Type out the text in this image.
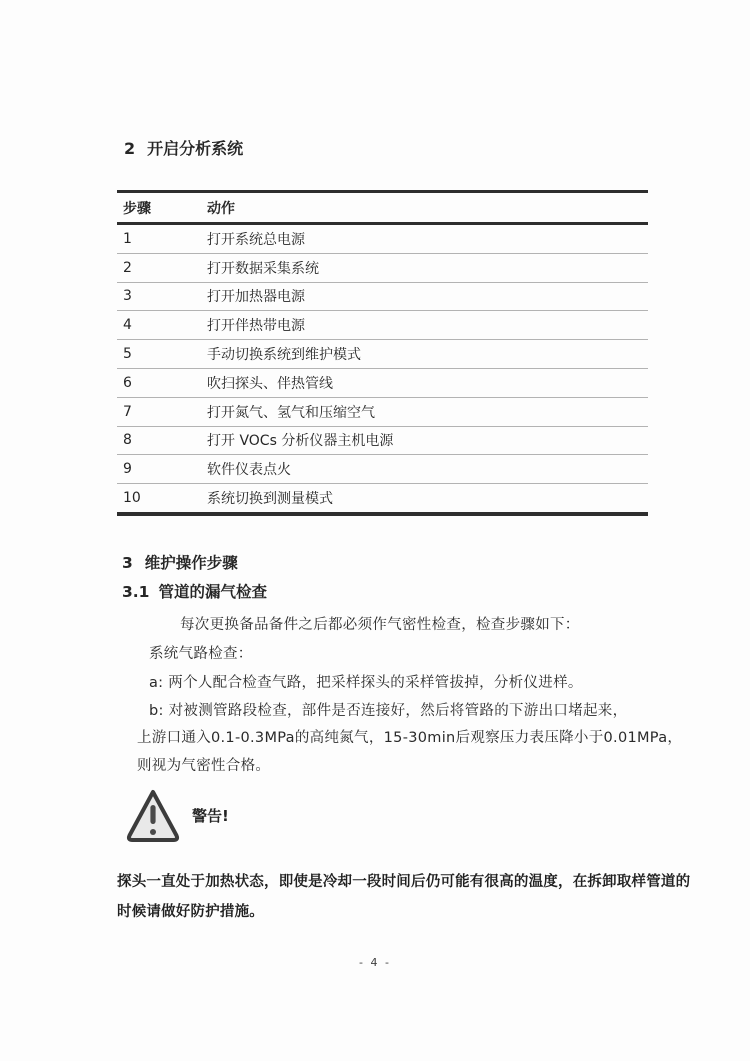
2 开启分析系统
步骤	动作
1	打开系统总电源
2	打开数据采集系统
3	打开加热器电源
4	打开伴热带电源
5	手动切换系统到维护模式
6	吹扫探头、伴热管线
7	打开氮气、氢气和压缩空气
8	打开 VOCs 分析仪器主机电源
9	软件仪表点火
10	系统切换到测量模式
3 维护操作步骤
3.1 管道的漏气检查
每次更换备品备件之后都必须作气密性检查，检查步骤如下：
系统气路检查：
a: 两个人配合检查气路，把采样探头的采样管拔掉，分析仪进样。
b: 对被测管路段检查，部件是否连接好，然后将管路的下游出口堵起来，
上游口通入0.1-0.3MPa的高纯氮气，15-30min后观察压力表压降小于0.01MPa，
则视为气密性合格。
警告!
探头一直处于加热状态，即使是冷却一段时间后仍可能有很高的温度，在拆卸取样管道的
时候请做好防护措施。
- 4 -
